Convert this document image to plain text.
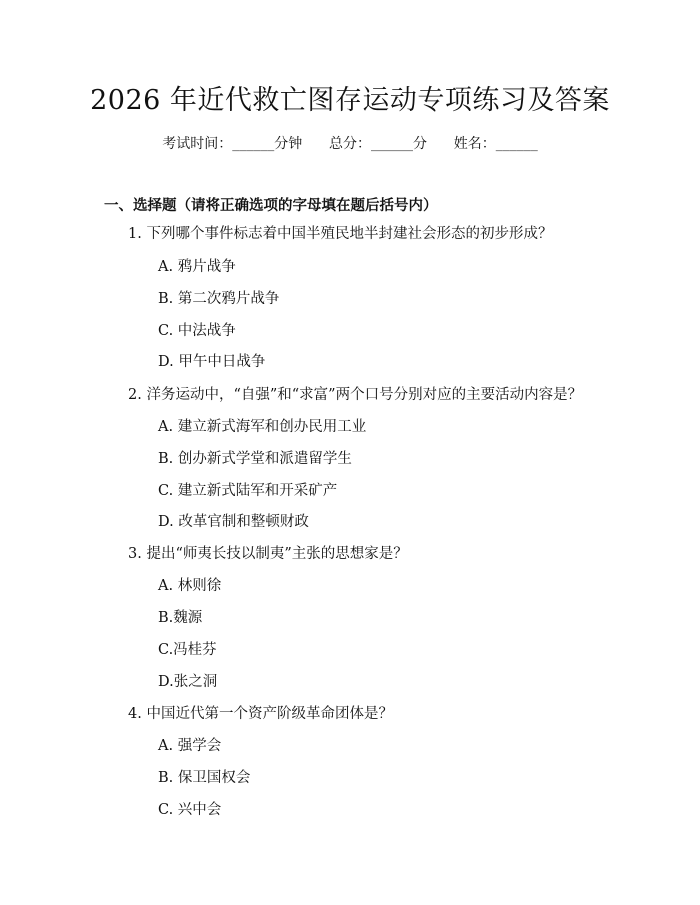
2026 年近代救亡图存运动专项练习及答案
考试时间：______分钟      总分：______分      姓名：______
一、选择题（请将正确选项的字母填在题后括号内）
1. 下列哪个事件标志着中国半殖民地半封建社会形态的初步形成？
A. 鸦片战争
B. 第二次鸦片战争
C. 中法战争
D. 甲午中日战争
2. 洋务运动中，“自强”和“求富”两个口号分别对应的主要活动内容是？
A. 建立新式海军和创办民用工业
B. 创办新式学堂和派遣留学生
C. 建立新式陆军和开采矿产
D. 改革官制和整顿财政
3. 提出“师夷长技以制夷”主张的思想家是？
A. 林则徐
B.魏源
C.冯桂芬
D.张之洞
4. 中国近代第一个资产阶级革命团体是？
A. 强学会
B. 保卫国权会
C. 兴中会
